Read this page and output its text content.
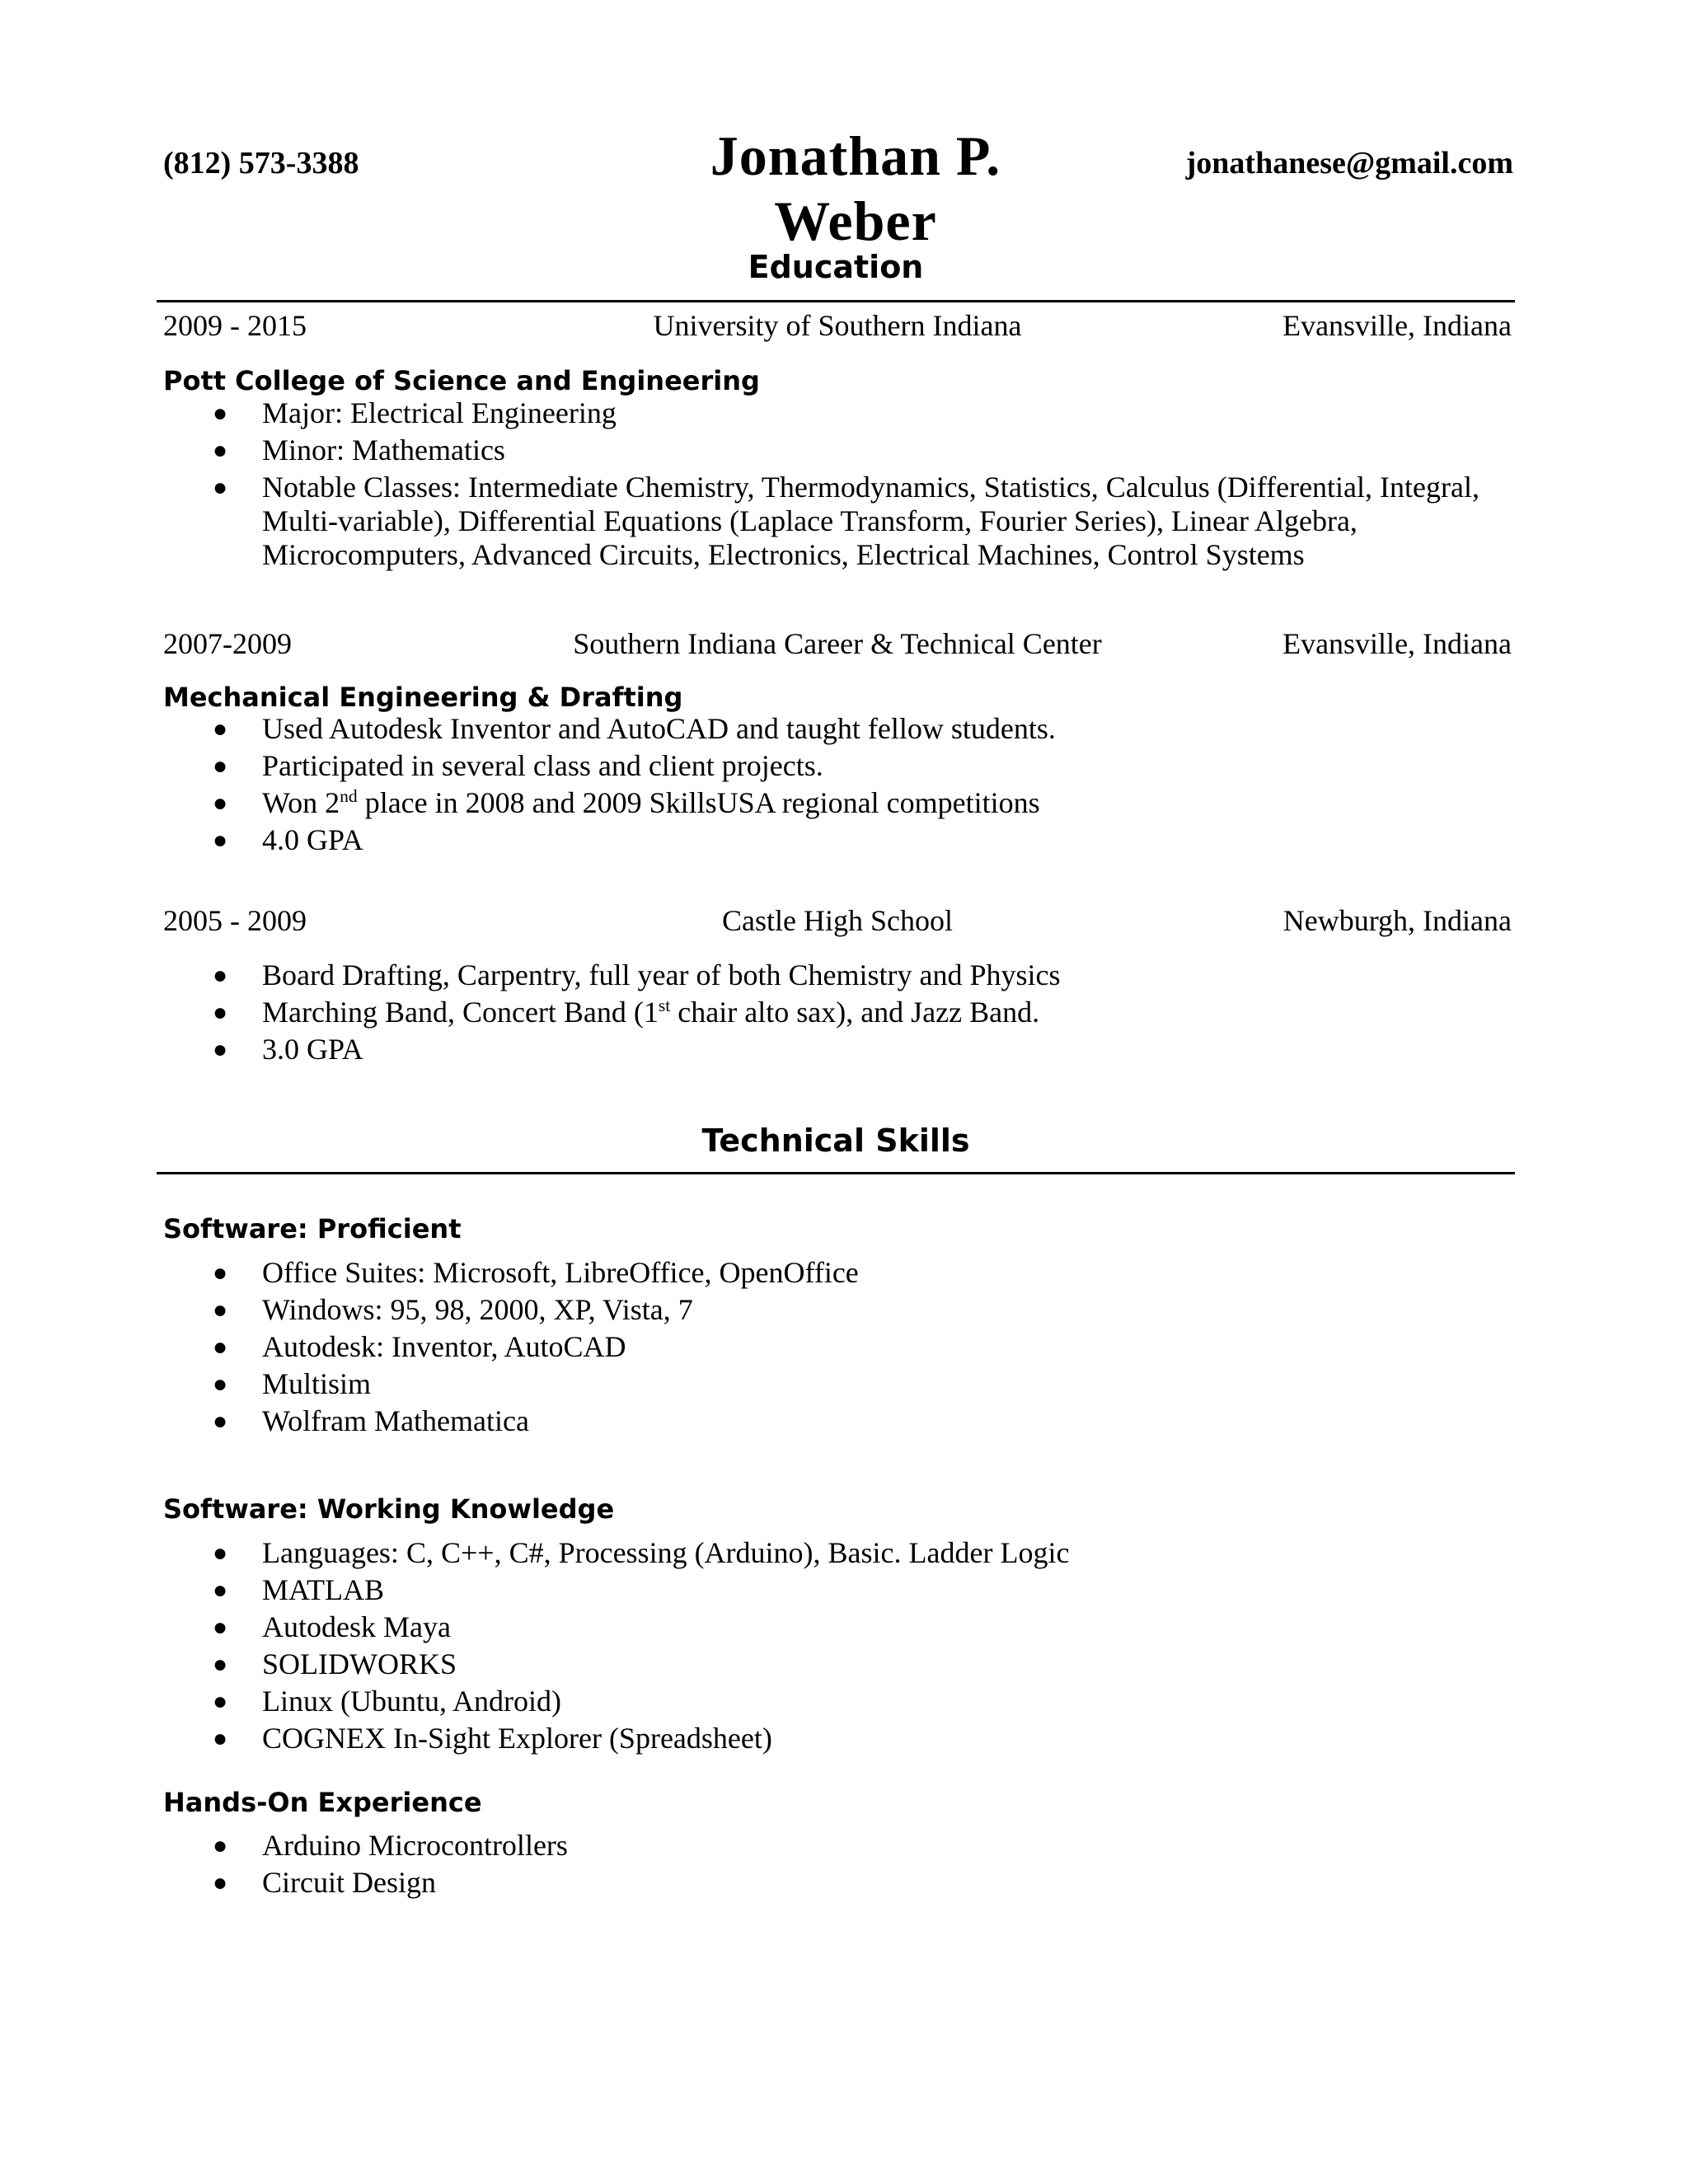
(812) 573-3388	Jonathan P. Weber
jonathanese@gmail.com
Education
2009 - 2015	University of Southern Indiana	Evansville, Indiana
Pott College of Science and Engineering
● Major: Electrical Engineering
● Minor: Mathematics
● Notable Classes: Intermediate Chemistry, Thermodynamics, Statistics, Calculus (Differential, Integral, Multi-variable), Differential Equations (Laplace Transform, Fourier Series), Linear Algebra, Microcomputers, Advanced Circuits, Electronics, Electrical Machines, Control Systems
2007-2009	Southern Indiana Career & Technical Center	Evansville, Indiana
Mechanical Engineering & Drafting
● Used Autodesk Inventor and AutoCAD and taught fellow students.
● Participated in several class and client projects.
● Won 2nd place in 2008 and 2009 SkillsUSA regional competitions
● 4.0 GPA
2005 - 2009	Castle High School	Newburgh, Indiana
● Board Drafting, Carpentry, full year of both Chemistry and Physics
● Marching Band, Concert Band (1st chair alto sax), and Jazz Band.
● 3.0 GPA
Technical Skills
Software: Proficient
● Office Suites: Microsoft, LibreOffice, OpenOffice
● Windows: 95, 98, 2000, XP, Vista, 7
● Autodesk: Inventor, AutoCAD
● Multisim
● Wolfram Mathematica
Software: Working Knowledge
● Languages: C, C++, C#, Processing (Arduino), Basic. Ladder Logic
● MATLAB
● Autodesk Maya
● SOLIDWORKS
● Linux (Ubuntu, Android)
● COGNEX In-Sight Explorer (Spreadsheet)
Hands-On Experience
● Arduino Microcontrollers
● Circuit Design
